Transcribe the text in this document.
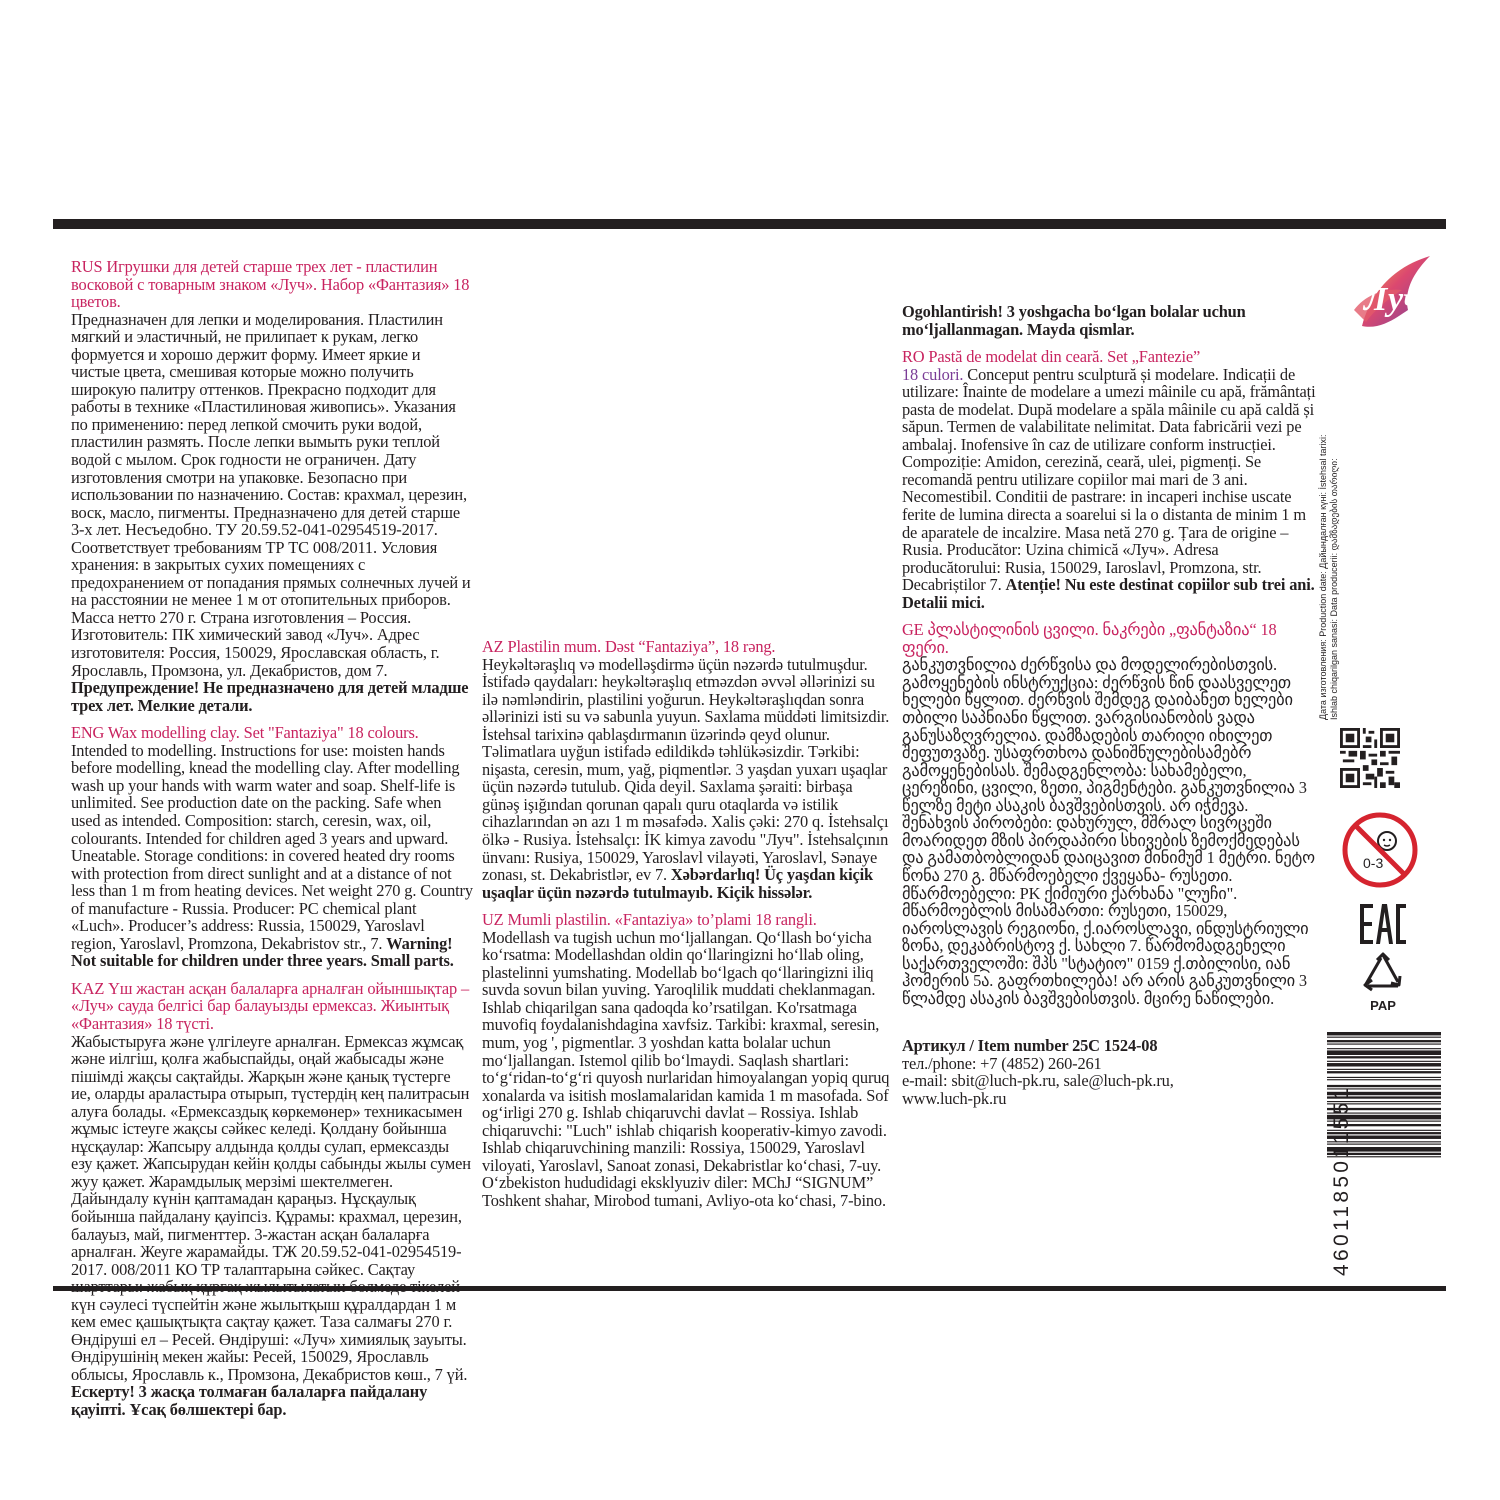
RUS Игрушки для детей старше трех лет - пластилин восковой с товарным знаком «Луч». Набор «Фантазия» 18 цветов.

Предназначен для лепки и моделирования. Пластилин мягкий и эластичный, не прилипает к рукам, легко формуется и хорошо держит форму. Имеет яркие и чистые цвета, смешивая которые можно получить широкую палитру оттенков. Прекрасно подходит для работы в технике «Пластилиновая живопись». Указания по применению: перед лепкой смочить руки водой, пластилин размять. После лепки вымыть руки теплой водой с мылом. Срок годности не ограничен. Дату изготовления смотри на упаковке. Безопасно при использовании по назначению. Состав: крахмал, церезин, воск, масло, пигменты. Предназначено для детей старше 3-х лет. Несъедобно. ТУ 20.59.52-041-02954519-2017. Соответствует требованиям ТР ТС 008/2011. Условия хранения: в закрытых сухих помещениях с предохранением от попадания прямых солнечных лучей и на расстоянии не менее 1 м от отопительных приборов. Масса нетто 270 г. Страна изготовления – Россия. Изготовитель: ПК химический завод «Луч». Адрес изготовителя: Россия, 150029, Ярославская область, г. Ярославль, Промзона, ул. Декабристов, дом 7.

Предупреждение! Не предназначено для детей младше трех лет. Мелкие детали.

ENG Wax modelling clay. Set "Fantaziya" 18 colours.

Intended to modelling. Instructions for use: moisten hands before modelling, knead the modelling clay. After modelling wash up your hands with warm water and soap. Shelf-life is unlimited. See production date on the packing. Safe when used as intended. Composition: starch, ceresin, wax, oil, colourants. Intended for children aged 3 years and upward. Uneatable. Storage conditions: in covered heated dry rooms with protection from direct sunlight and at a distance of not less than 1 m from heating devices. Net weight 270 g. Country of manufacture - Russia. Producer: PC chemical plant «Luch». Producer’s address: Russia, 150029, Yaroslavl region, Yaroslavl, Promzona, Dekabristov str., 7. Warning! Not suitable for children under three years. Small parts.

KAZ Үш жастан асқан балаларға арналған ойыншықтар – «Луч» сауда белгісі бар балауызды ермексаз. Жиынтық «Фантазия» 18 түсті.

Жабыстыруға және үлгілеуге арналған. Ермексаз жұмсақ және иілгіш, қолға жабыспайды, оңай жабысады және пішімді жақсы сақтайды. Жарқын және қанық түстерге ие, оларды араластыра отырып, түстердің кең палитрасын алуға болады. «Ермексаздық көркемөнер» техникасымен жұмыс істеуге жақсы сәйкес келеді. Қолдану бойынша нұсқаулар: Жапсыру алдында қолды сулап, ермексазды езу қажет. Жапсырудан кейін қолды сабынды жылы сумен жуу қажет. Жарамдылық мерзімі шектелмеген. Дайындалу күнін қаптамадан қараңыз. Нұсқаулық бойынша пайдалану қауіпсіз. Құрамы: крахмал, церезин, балауыз, май, пигменттер. 3-жастан асқан балаларға арналған. Жеуге жарамайды. ТЖ 20.59.52-041-02954519-2017. 008/2011 КО ТР талаптарына сәйкес. Сақтау шарттары: жабық құрғақ жылытылатын бөлмеде тікелей күн сәулесі түспейтін және жылытқыш құралдардан 1 м кем емес қашықтықта сақтау қажет. Таза салмағы 270 г. Өндіруші ел – Ресей. Өндіруші: «Луч» химиялық зауыты. Өндірушінің мекен жайы: Ресей, 150029, Ярославль облысы, Ярославль к., Промзона, Декабристов көш., 7 үй. Ескерту! 3 жасқа толмаған балаларға пайдалану қауіпті. Ұсақ бөлшектері бар.

AZ Plastilin mum. Dəst “Fantaziya”, 18 rəng.

Heykəltəraşlıq və modelləşdirmə üçün nəzərdə tutulmuşdur. İstifadə qaydaları: heykəltəraşlıq etməzdən əvvəl əllərinizi su ilə nəmləndirin, plastilini yoğurun. Heykəltəraşlıqdan sonra əllərinizi isti su və sabunla yuyun. Saxlama müddəti limitsizdir. İstehsal tarixinə qablaşdırmanın üzərində qeyd olunur. Təlimatlara uyğun istifadə edildikdə təhlükəsizdir. Tərkibi: nişasta, ceresin, mum, yağ, piqmentlər. 3 yaşdan yuxarı uşaqlar üçün nəzərdə tutulub. Qida deyil. Saxlama şəraiti: birbaşa günəş işığından qorunan qapalı quru otaqlarda və istilik cihazlarından ən azı 1 m məsafədə. Xalis çəki: 270 q. İstehsalçı ölkə - Rusiya. İstehsalçı: İK kimya zavodu "Луч". İstehsalçının ünvanı: Rusiya, 150029, Yaroslavl vilayəti, Yaroslavl, Sənaye zonası, st. Dekabristlər, ev 7. Xəbərdarlıq! Üç yaşdan kiçik uşaqlar üçün nəzərdə tutulmayıb. Kiçik hissələr.

UZ Mumli plastilin. «Fantaziya» to’plami 18 rangli.

Modellash va tugish uchun mo‘ljallangan. Qo‘llash bo‘yicha ko‘rsatma: Modellashdan oldin qo‘llaringizni ho‘llab oling, plastelinni yumshating. Modellab bo‘lgach qo‘llaringizni iliq suvda sovun bilan yuving. Yaroqlilik muddati cheklanmagan. Ishlab chiqarilgan sana qadoqda ko’rsatilgan. Ko'rsatmaga muvofiq foydalanishdagina xavfsiz. Tarkibi: kraxmal, seresin, mum, yog ', pigmentlar. 3 yoshdan katta bolalar uchun mo‘ljallangan. Istemol qilib bo‘lmaydi. Saqlash shartlari: to‘g‘ridan-to‘g‘ri quyosh nurlaridan himoyalangan yopiq quruq xonalarda va isitish moslamalaridan kamida 1 m masofada. Sof og‘irligi 270 g. Ishlab chiqaruvchi davlat – Rossiya. Ishlab chiqaruvchi: "Luch" ishlab chiqarish kooperativ-kimyo zavodi. Ishlab chiqaruvchining manzili: Rossiya, 150029, Yaroslavl viloyati, Yaroslavl, Sanoat zonasi, Dekabristlar ko‘chasi, 7-uy. O‘zbekiston hududidagi eksklyuziv diler: MChJ “SIGNUM” Toshkent shahar, Mirobod tumani, Avliyo-ota ko‘chasi, 7-bino.

Ogohlantirish! 3 yoshgacha bo‘lgan bolalar uchun mo‘ljallanmagan. Mayda qismlar.

RO Pastă de modelat din ceară. Set „Fantezie”

18 culori. Conceput pentru sculptură și modelare. Indicații de utilizare: Înainte de modelare a umezi mâinile cu apă, frământați pasta de modelat. După modelare a spăla mâinile cu apă caldă și săpun. Termen de valabilitate nelimitat. Data fabricării vezi pe ambalaj. Inofensive în caz de utilizare conform instrucției. Compoziție: Amidon, cerezină, ceară, ulei, pigmenți. Se recomandă pentru utilizare copiilor mai mari de 3 ani. Necomestibil. Conditii de pastrare: in incaperi inchise uscate ferite de lumina directa a soarelui si la o distanta de minim 1 m de aparatele de incalzire. Masa netă 270 g. Țara de origine – Rusia. Producător: Uzina chimică «Луч». Adresa producătorului: Rusia, 150029, Iaroslavl, Promzona, str. Decabriștilor 7. Atenție! Nu este destinat copiilor sub trei ani. Detalii mici.

GE პლასტილინის ცვილი. ნაკრები „ფანტაზია“ 18 ფერი.

განკუთვნილია ძერწვისა და მოდელირებისთვის. გამოყენების ინსტრუქცია: ძერწვის წინ დაასველეთ ხელები წყლით. ძერწვის შემდეგ დაიბანეთ ხელები თბილი საპნიანი წყლით. ვარგისიანობის ვადა განუსაზღვრელია. დამზადების თარიღი იხილეთ შეფუთვაზე. უსაფრთხოა დანიშნულებისამებრ გამოყენებისას. შემადგენლობა: სახამებელი, ცერეზინი, ცვილი, ზეთი, პიგმენტები. განკუთვნილია 3 წელზე მეტი ასაკის ბავშვებისთვის. არ იჭმევა. შენახვის პირობები: დახურულ, მშრალ სივრცეში მოარიდეთ მზის პირდაპირი სხივების ზემოქმედებას და გამათბობლიდან დაიცავით მინიმუმ 1 მეტრი. ნეტო წონა 270 გ. მწარმოებელი ქვეყანა- რუსეთი. მწარმოებელი: PK ქიმიური ქარხანა "ლუჩი". მწარმოებლის მისამართი: რუსეთი, 150029, იაროსლავის რეგიონი, ქ.იაროსლავი, ინდუსტრიული ზონა, დეკაბრისტოვ ქ. სახლი 7. წარმომადგენელი საქართველოში: შპს "სტატიო" 0159 ქ.თბილისი, იან ჰომერის 5ა. გაფრთხილება! არ არის განკუთვნილი 3 წლამდე ასაკის ბავშვებისთვის. მცირე ნაწილები.

Артикул / Item number 25С 1524-08

тел./phone: +7 (4852) 260-261

e-mail: sbit@luch-pk.ru, sale@luch-pk.ru,

www.luch-pk.ru

Луч
Дата изготовления: Production date: Дайындалған күні: İstehsal tarixi: Ishlab chiqarilgan sanasi: Data producerii: დამზადების თარიღი:
0-3
PAP
4601185011551
